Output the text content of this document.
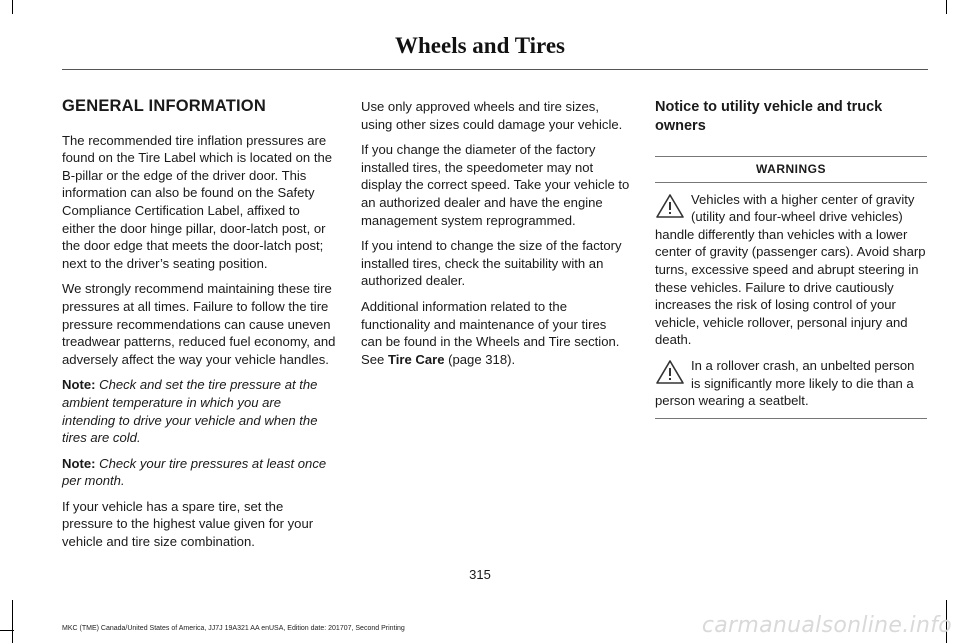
Wheels and Tires
GENERAL INFORMATION

The recommended tire inflation pressures are found on the Tire Label which is located on the B-pillar or the edge of the driver door. This information can also be found on the Safety Compliance Certification Label, affixed to either the door hinge pillar, door-latch post, or the door edge that meets the door-latch post; next to the driver’s seating position.

We strongly recommend maintaining these tire pressures at all times. Failure to follow the tire pressure recommendations can cause uneven treadwear patterns, reduced fuel economy, and adversely affect the way your vehicle handles.

Note: Check and set the tire pressure at the ambient temperature in which you are intending to drive your vehicle and when the tires are cold.

Note: Check your tire pressures at least once per month.

If your vehicle has a spare tire, set the pressure to the highest value given for your vehicle and tire size combination.

Use only approved wheels and tire sizes, using other sizes could damage your vehicle.

If you change the diameter of the factory installed tires, the speedometer may not display the correct speed. Take your vehicle to an authorized dealer and have the engine management system reprogrammed.

If you intend to change the size of the factory installed tires, check the suitability with an authorized dealer.

Additional information related to the functionality and maintenance of your tires can be found in the Wheels and Tire section. See Tire Care (page 318).

Notice to utility vehicle and truck owners
WARNINGS
Vehicles with a higher center of gravity (utility and four-wheel drive vehicles) handle differently than vehicles with a lower center of gravity (passenger cars). Avoid sharp turns, excessive speed and abrupt steering in these vehicles. Failure to drive cautiously increases the risk of losing control of your vehicle, vehicle rollover, personal injury and death.
In a rollover crash, an unbelted person is significantly more likely to die than a person wearing a seatbelt.
315
MKC (TME) Canada/United States of America, JJ7J 19A321 AA enUSA, Edition date: 201707, Second Printing	carmanualsonline.info
